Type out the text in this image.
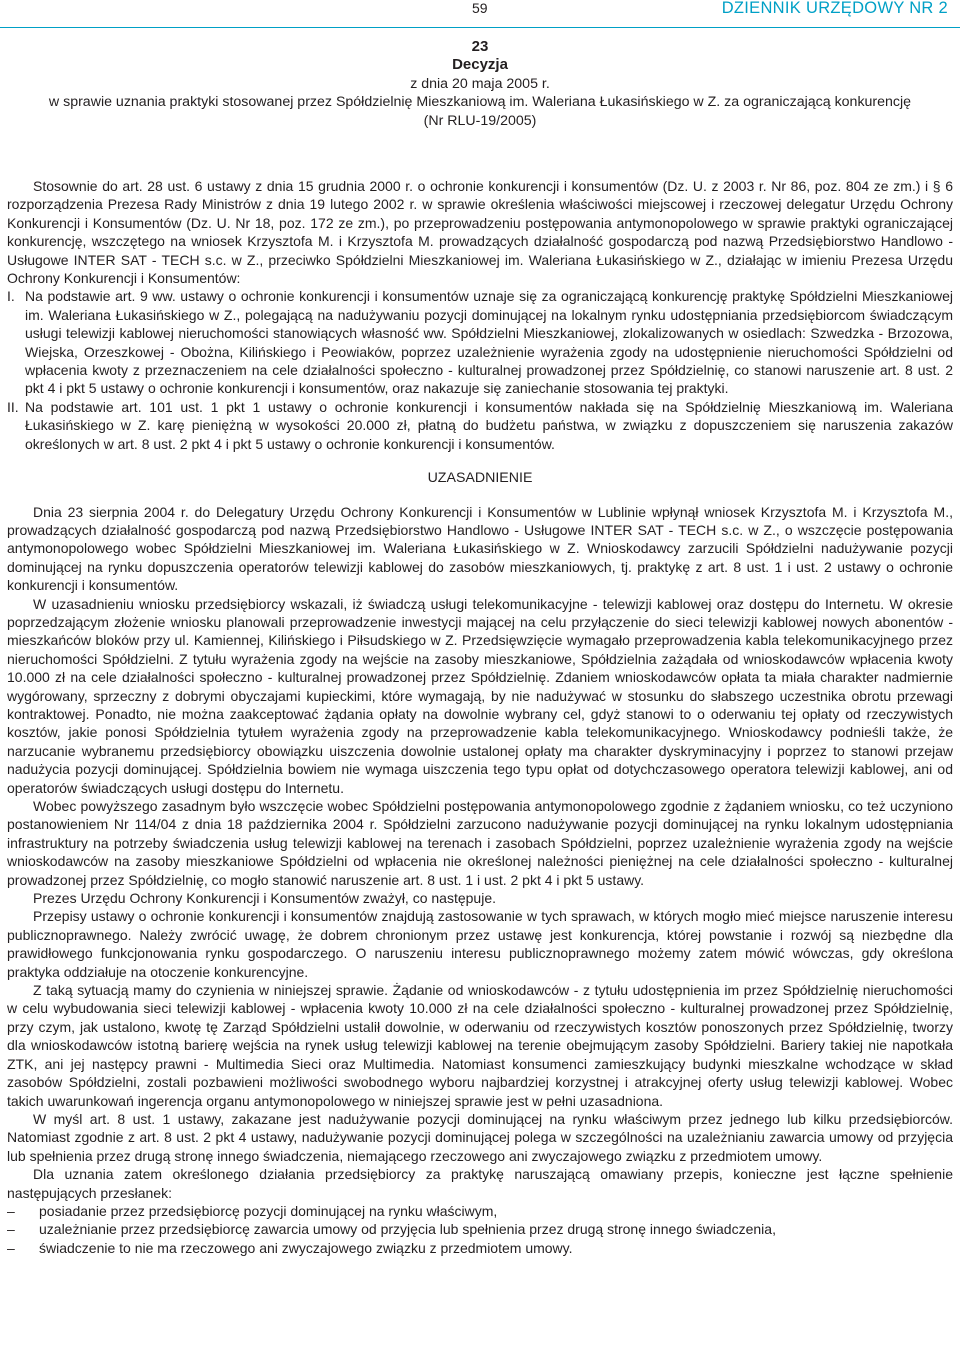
59	DZIENNIK URZĘDOWY NR 2
23
Decyzja
z dnia 20 maja 2005 r.
w sprawie uznania praktyki stosowanej przez Spółdzielnię Mieszkaniową im. Waleriana Łukasińskiego w Z. za ograniczającą konkurencję
(Nr RLU-19/2005)

Stosownie do art. 28 ust. 6 ustawy z dnia 15 grudnia 2000 r. o ochronie konkurencji i konsumentów (Dz. U. z 2003 r. Nr 86, poz. 804 ze zm.) i § 6 rozporządzenia Prezesa Rady Ministrów z dnia 19 lutego 2002 r. w sprawie określenia właściwości miejscowej i rzeczowej delegatur Urzędu Ochrony Konkurencji i Konsumentów (Dz. U. Nr 18, poz. 172 ze zm.), po przeprowadzeniu postępowania antymonopolowego w sprawie praktyki ograniczającej konkurencję, wszczętego na wniosek Krzysztofa M. i Krzysztofa M. prowadzących działalność gospodarczą pod nazwą Przedsiębiorstwo Handlowo - Usługowe INTER SAT - TECH s.c. w Z., przeciwko Spółdzielni Mieszkaniowej im. Waleriana Łukasińskiego w Z., działając w imieniu Prezesa Urzędu Ochrony Konkurencji i Konsumentów:

I. Na podstawie art. 9 ww. ustawy o ochronie konkurencji i konsumentów uznaje się za ograniczającą konkurencję praktykę Spółdzielni Mieszkaniowej im. Waleriana Łukasińskiego w Z., polegającą na nadużywaniu pozycji dominującej na lokalnym rynku udostępniania przedsiębiorcom świadczącym usługi telewizji kablowej nieruchomości stanowiących własność ww. Spółdzielni Mieszkaniowej, zlokalizowanych w osiedlach: Szwedzka - Brzozowa, Wiejska, Orzeszkowej - Obożna, Kilińskiego i Peowiaków, poprzez uzależnienie wyrażenia zgody na udostępnienie nieruchomości Spółdzielni od wpłacenia kwoty z przeznaczeniem na cele działalności społeczno - kulturalnej prowadzonej przez Spółdzielnię, co stanowi naruszenie art. 8 ust. 2 pkt 4 i pkt 5 ustawy o ochronie konkurencji i konsumentów, oraz nakazuje się zaniechanie stosowania tej praktyki.
II. Na podstawie art. 101 ust. 1 pkt 1 ustawy o ochronie konkurencji i konsumentów nakłada się na Spółdzielnię Mieszkaniową im. Waleriana Łukasińskiego w Z. karę pieniężną w wysokości 20.000 zł, płatną do budżetu państwa, w związku z dopuszczeniem się naruszenia zakazów określonych w art. 8 ust. 2 pkt 4 i pkt 5 ustawy o ochronie konkurencji i konsumentów.
UZASADNIENIE

Dnia 23 sierpnia 2004 r. do Delegatury Urzędu Ochrony Konkurencji i Konsumentów w Lublinie wpłynął wniosek Krzysztofa M. i Krzysztofa M., prowadzących działalność gospodarczą pod nazwą Przedsiębiorstwo Handlowo - Usługowe INTER SAT - TECH s.c. w Z., o wszczęcie postępowania antymonopolowego wobec Spółdzielni Mieszkaniowej im. Waleriana Łukasińskiego w Z. Wnioskodawcy zarzucili Spółdzielni nadużywanie pozycji dominującej na rynku dopuszczenia operatorów telewizji kablowej do zasobów mieszkaniowych, tj. praktykę z art. 8 ust. 1 i ust. 2 ustawy o ochronie konkurencji i konsumentów.

W uzasadnieniu wniosku przedsiębiorcy wskazali, iż świadczą usługi telekomunikacyjne - telewizji kablowej oraz dostępu do Internetu. W okresie poprzedzającym złożenie wniosku planowali przeprowadzenie inwestycji mającej na celu przyłączenie do sieci telewizji kablowej nowych abonentów - mieszkańców bloków przy ul. Kamiennej, Kilińskiego i Piłsudskiego w Z. Przedsięwzięcie wymagało przeprowadzenia kabla telekomunikacyjnego przez nieruchomości Spółdzielni. Z tytułu wyrażenia zgody na wejście na zasoby mieszkaniowe, Spółdzielnia zażądała od wnioskodawców wpłacenia kwoty 10.000 zł na cele działalności społeczno - kulturalnej prowadzonej przez Spółdzielnię. Zdaniem wnioskodawców opłata ta miała charakter nadmiernie wygórowany, sprzeczny z dobrymi obyczajami kupieckimi, które wymagają, by nie nadużywać w stosunku do słabszego uczestnika obrotu przewagi kontraktowej. Ponadto, nie można zaakceptować żądania opłaty na dowolnie wybrany cel, gdyż stanowi to o oderwaniu tej opłaty od rzeczywistych kosztów, jakie ponosi Spółdzielnia tytułem wyrażenia zgody na przeprowadzenie kabla telekomunikacyjnego. Wnioskodawcy podnieśli także, że narzucanie wybranemu przedsiębiorcy obowiązku uiszczenia dowolnie ustalonej opłaty ma charakter dyskryminacyjny i poprzez to stanowi przejaw nadużycia pozycji dominującej. Spółdzielnia bowiem nie wymaga uiszczenia tego typu opłat od dotychczasowego operatora telewizji kablowej, ani od operatorów świadczących usługi dostępu do Internetu.

Wobec powyższego zasadnym było wszczęcie wobec Spółdzielni postępowania antymonopolowego zgodnie z żądaniem wniosku, co też uczyniono postanowieniem Nr 114/04 z dnia 18 października 2004 r. Spółdzielni zarzucono nadużywanie pozycji dominującej na rynku lokalnym udostępniania infrastruktury na potrzeby świadczenia usług telewizji kablowej na terenach i zasobach Spółdzielni, poprzez uzależnienie wyrażenia zgody na wejście wnioskodawców na zasoby mieszkaniowe Spółdzielni od wpłacenia nie określonej należności pieniężnej na cele działalności społeczno - kulturalnej prowadzonej przez Spółdzielnię, co mogło stanowić naruszenie art. 8 ust. 1 i ust. 2 pkt 4 i pkt 5 ustawy.

Prezes Urzędu Ochrony Konkurencji i Konsumentów zważył, co następuje.

Przepisy ustawy o ochronie konkurencji i konsumentów znajdują zastosowanie w tych sprawach, w których mogło mieć miejsce naruszenie interesu publicznoprawnego. Należy zwrócić uwagę, że dobrem chronionym przez ustawę jest konkurencja, której powstanie i rozwój są niezbędne dla prawidłowego funkcjonowania rynku gospodarczego. O naruszeniu interesu publicznoprawnego możemy zatem mówić wówczas, gdy określona praktyka oddziałuje na otoczenie konkurencyjne.

Z taką sytuacją mamy do czynienia w niniejszej sprawie. Żądanie od wnioskodawców - z tytułu udostępnienia im przez Spółdzielnię nieruchomości w celu wybudowania sieci telewizji kablowej - wpłacenia kwoty 10.000 zł na cele działalności społeczno - kulturalnej prowadzonej przez Spółdzielnię, przy czym, jak ustalono, kwotę tę Zarząd Spółdzielni ustalił dowolnie, w oderwaniu od rzeczywistych kosztów ponoszonych przez Spółdzielnię, tworzy dla wnioskodawców istotną barierę wejścia na rynek usług telewizji kablowej na terenie obejmującym zasoby Spółdzielni. Bariery takiej nie napotkała ZTK, ani jej następcy prawni - Multimedia Sieci oraz Multimedia. Natomiast konsumenci zamieszkujący budynki mieszkalne wchodzące w skład zasobów Spółdzielni, zostali pozbawieni możliwości swobodnego wyboru najbardziej korzystnej i atrakcyjnej oferty usług telewizji kablowej. Wobec takich uwarunkowań ingerencja organu antymonopolowego w niniejszej sprawie jest w pełni uzasadniona.

W myśl art. 8 ust. 1 ustawy, zakazane jest nadużywanie pozycji dominującej na rynku właściwym przez jednego lub kilku przedsiębiorców. Natomiast zgodnie z art. 8 ust. 2 pkt 4 ustawy, nadużywanie pozycji dominującej polega w szczególności na uzależnianiu zawarcia umowy od przyjęcia lub spełnienia przez drugą stronę innego świadczenia, niemającego rzeczowego ani zwyczajowego związku z przedmiotem umowy.

Dla uznania zatem określonego działania przedsiębiorcy za praktykę naruszającą omawiany przepis, konieczne jest łączne spełnienie następujących przesłanek:

–	posiadanie przez przedsiębiorcę pozycji dominującej na rynku właściwym,
–	uzależnianie przez przedsiębiorcę zawarcia umowy od przyjęcia lub spełnienia przez drugą stronę innego świadczenia,
–	świadczenie to nie ma rzeczowego ani zwyczajowego związku z przedmiotem umowy.
